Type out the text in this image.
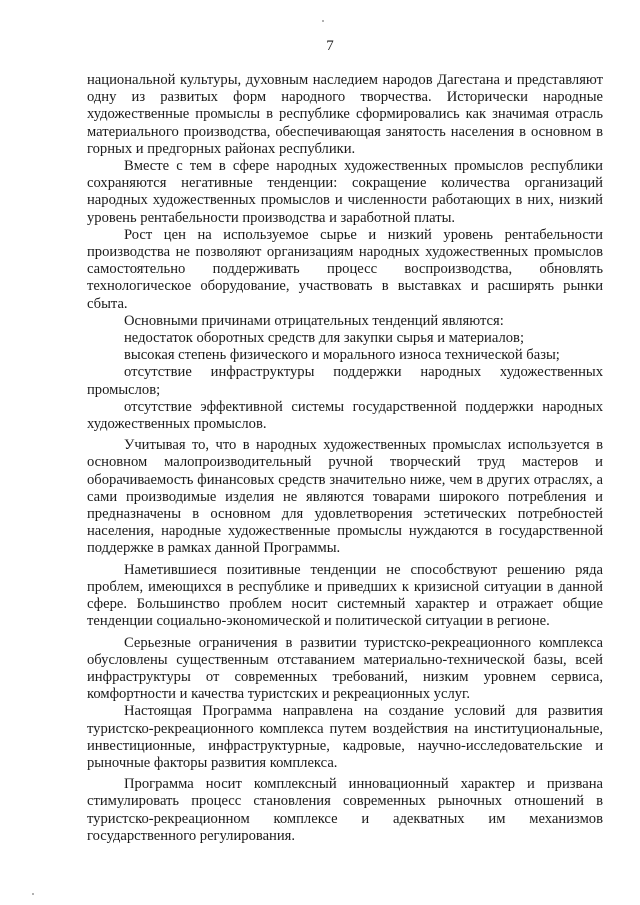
7

национальной культуры, духовным наследием народов Дагестана и представляют одну из развитых форм народного творчества. Исторически народные художественные промыслы в республике сформировались как значимая отрасль материального производства, обеспечивающая занятость населения в основном в горных и предгорных районах республики.

Вместе с тем в сфере народных художественных промыслов республики сохраняются негативные тенденции: сокращение количества организаций народных художественных промыслов и численности работающих в них, низкий уровень рентабельности производства и заработной платы.

Рост цен на используемое сырье и низкий уровень рентабельности производства не позволяют организациям народных художественных промыслов самостоятельно поддерживать процесс воспроизводства, обновлять технологическое оборудование, участвовать в выставках и расширять рынки сбыта.

Основными причинами отрицательных тенденций являются:

недостаток оборотных средств для закупки сырья и материалов;

высокая степень физического и морального износа технической базы;

отсутствие инфраструктуры поддержки народных художественных промыслов;

отсутствие эффективной системы государственной поддержки народных художественных промыслов.

Учитывая то, что в народных художественных промыслах используется в основном малопроизводительный ручной творческий труд мастеров и оборачиваемость финансовых средств значительно ниже, чем в других отраслях, а сами производимые изделия не являются товарами широкого потребления и предназначены в основном для удовлетворения эстетических потребностей населения, народные художественные промыслы нуждаются в государственной поддержке в рамках данной Программы.

Наметившиеся позитивные тенденции не способствуют решению ряда проблем, имеющихся в республике и приведших к кризисной ситуации в данной сфере. Большинство проблем носит системный характер и отражает общие тенденции социально-экономической и политической ситуации в регионе.

Серьезные ограничения в развитии туристско-рекреационного комплекса обусловлены существенным отставанием материально-технической базы, всей инфраструктуры от современных требований, низким уровнем сервиса, комфортности и качества туристских и рекреационных услуг.

Настоящая Программа направлена на создание условий для развития туристско-рекреационного комплекса путем воздействия на институциональные, инвестиционные, инфраструктурные, кадровые, научно-исследовательские и рыночные факторы развития комплекса.

Программа носит комплексный инновационный характер и призвана стимулировать процесс становления современных рыночных отношений в туристско-рекреационном комплексе и адекватных им механизмов государственного регулирования.
